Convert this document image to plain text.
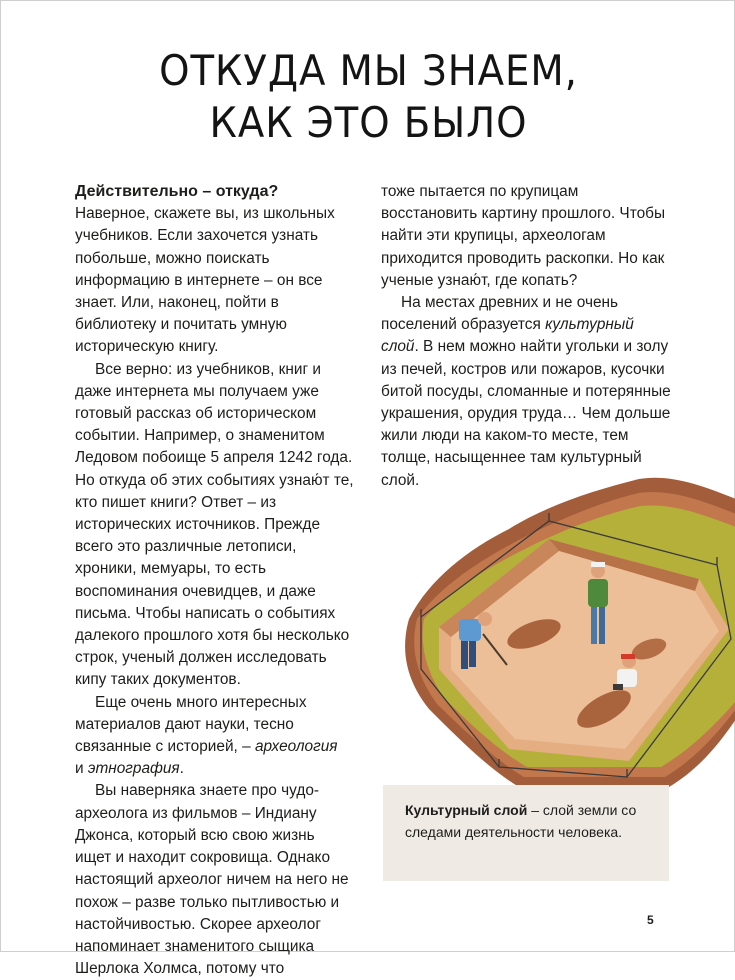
ОТКУДА МЫ ЗНАЕМ,
КАК ЭТО БЫЛО

Действительно – откуда?

Наверное, скажете вы, из школьных учебников. Если захочется узнать побольше, можно поискать информацию в интернете – он все знает. Или, наконец, пойти в библиотеку и почитать умную историческую книгу.

Все верно: из учебников, книг и даже интернета мы получаем уже готовый рассказ об историческом событии. Например, о знаменитом Ледовом побоище 5 апреля 1242 года. Но откуда об этих событиях узнаю́т те, кто пишет книги? Ответ – из исторических источников. Прежде всего это различные летописи, хроники, мемуары, то есть воспоминания очевидцев, и даже письма. Чтобы написать о событиях далекого прошлого хотя бы несколько строк, ученый должен исследовать кипу таких документов.

Еще очень много интересных материалов дают науки, тесно связанные с историей, – археология
и этнография.

Вы наверняка знаете про чудо-археолога из фильмов – Индиану Джонса, который всю свою жизнь ищет и находит сокровища. Однако настоящий археолог ничем на него не похож – разве только пытливостью и настойчивостью. Скорее археолог напоминает знаменитого сыщика Шерлока Холмса, потому что

тоже пытается по крупицам восстановить картину прошлого. Чтобы найти эти крупицы, археологам приходится проводить раскопки. Но как ученые узнаю́т, где копать?

На местах древних и не очень поселений образуется культурный слой. В нем можно найти угольки и золу из печей, костров или пожаров, кусочки битой посуды, сломанные и потерянные украшения, орудия труда… Чем дольше жили люди на каком-то месте, тем толще, насыщеннее там культурный слой.

Культурный слой – слой земли со следами деятельности человека.
5
